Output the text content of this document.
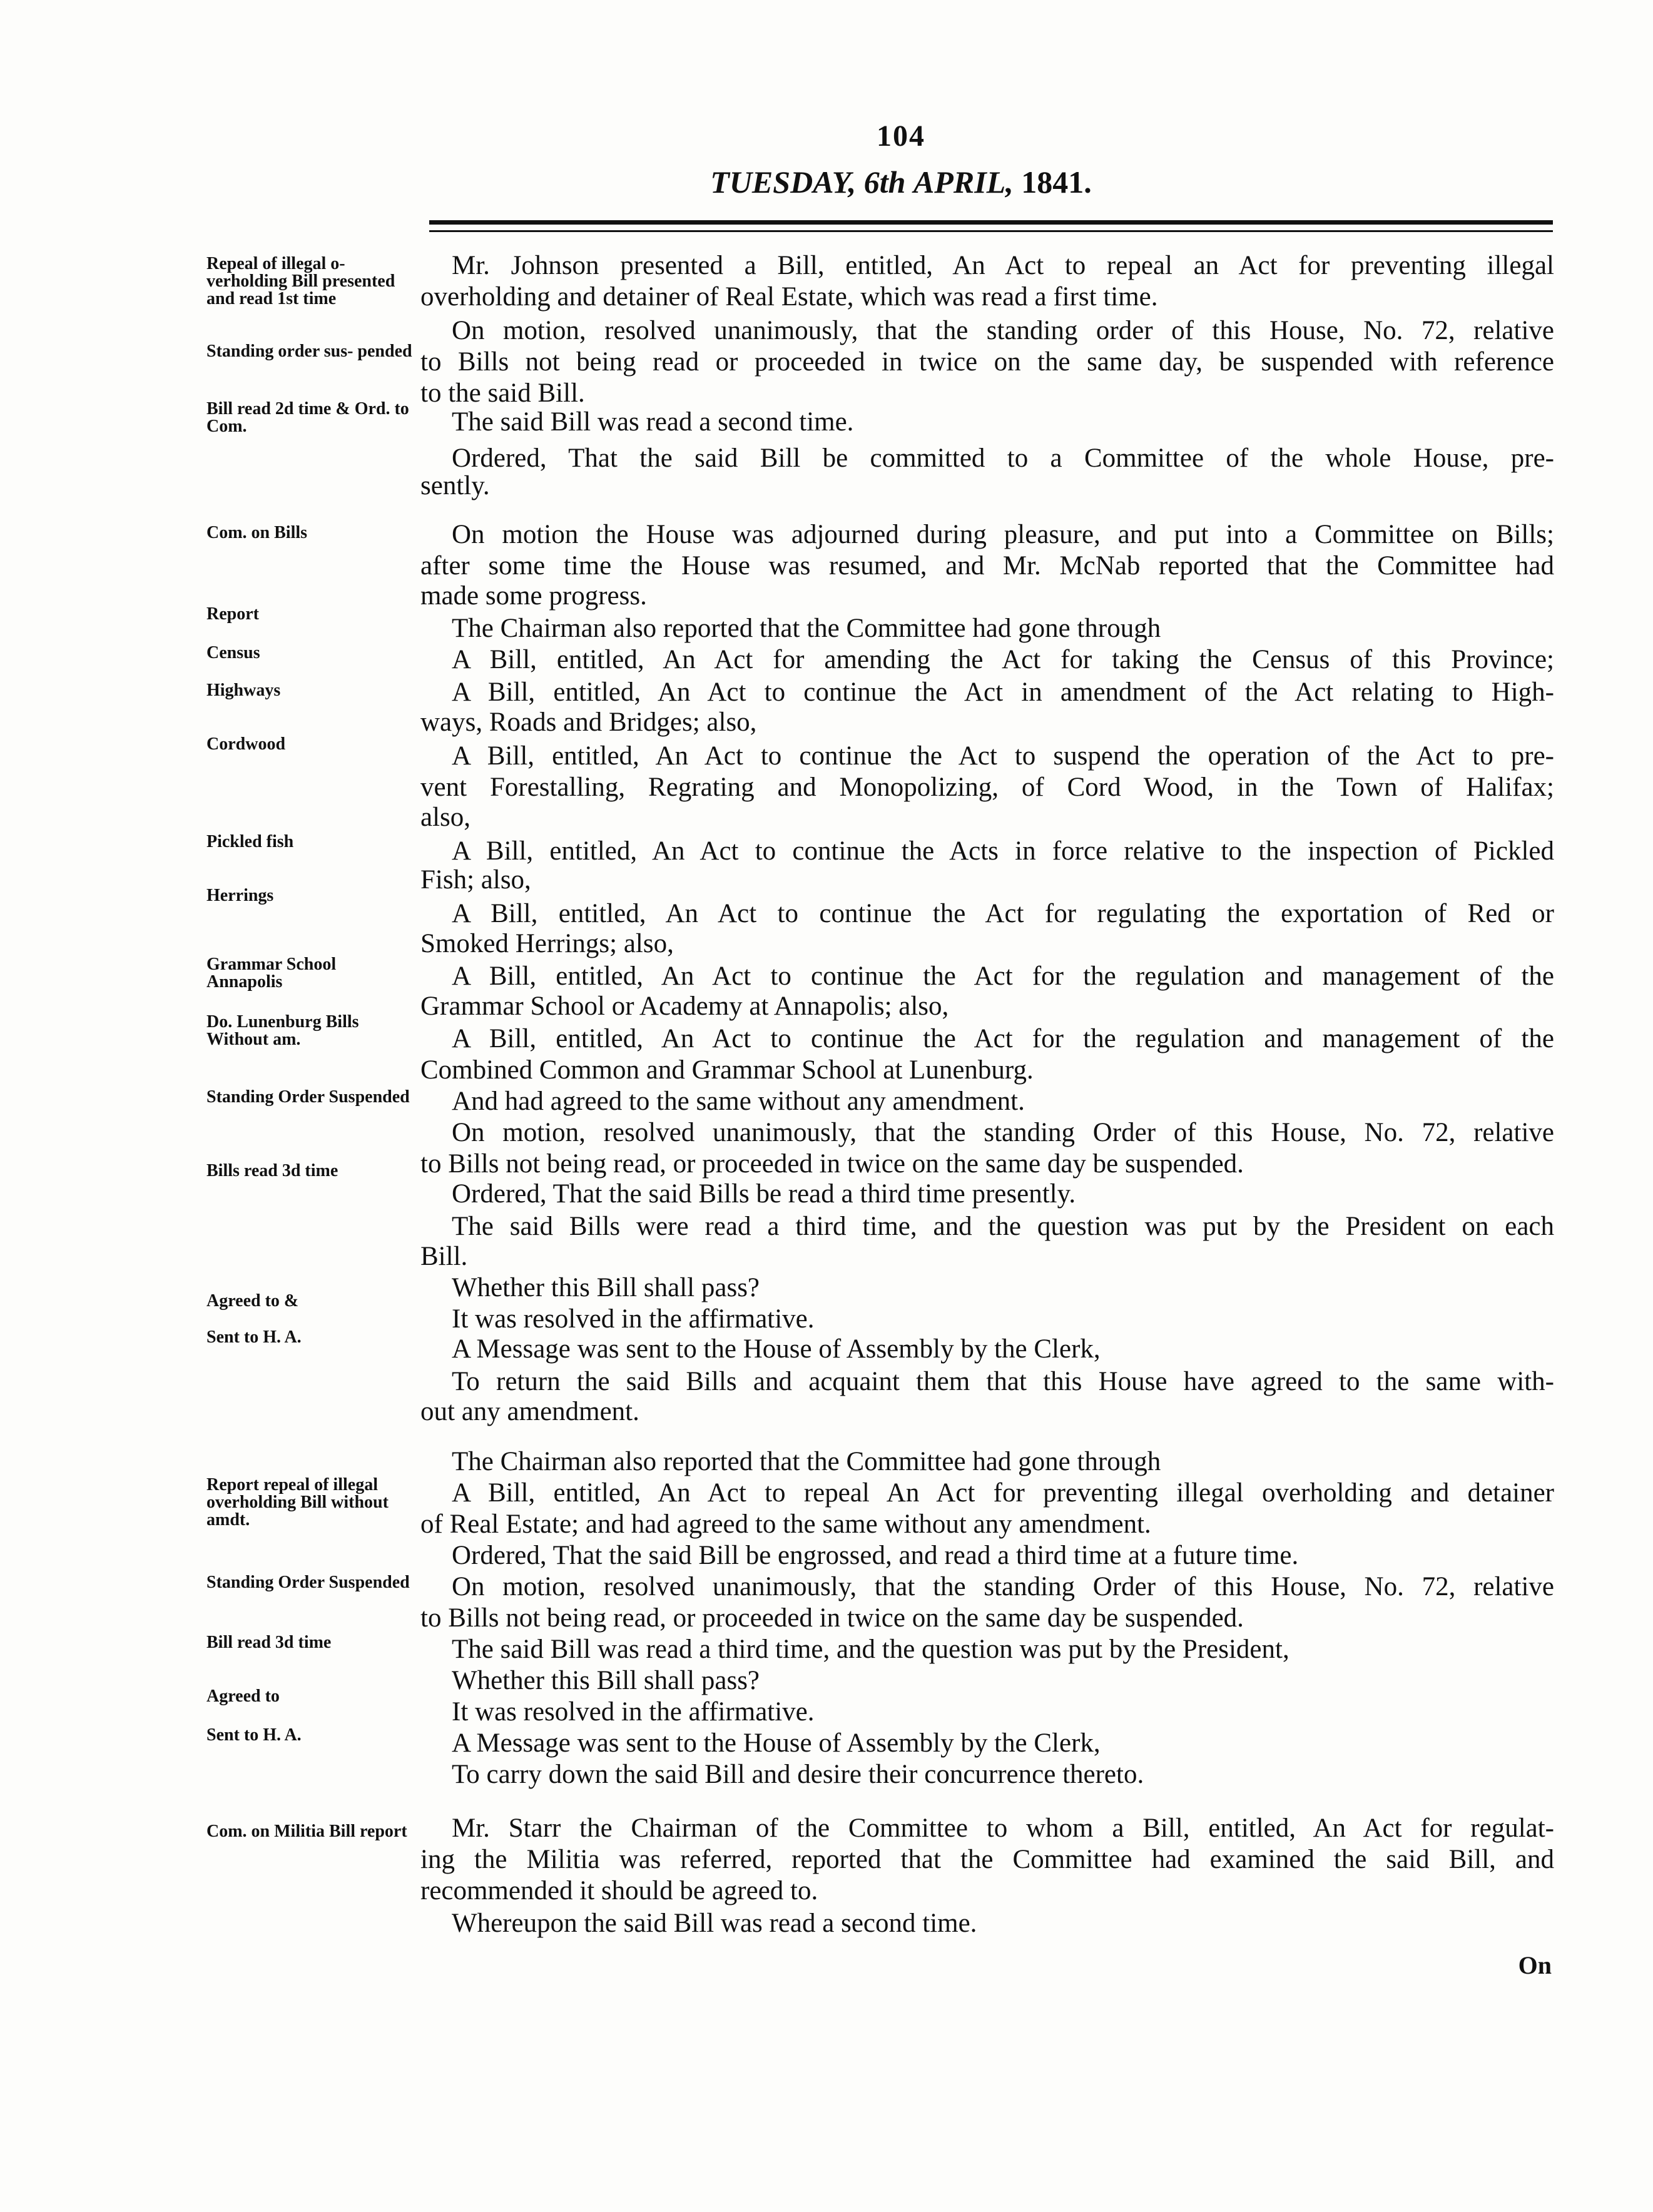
104
TUESDAY, 6th APRIL, 1841.
Repeal of illegal o- verholding Bill presented and read 1st time
Standing order sus- pended
Bill read 2d time & Ord. to Com.
Com. on Bills
Report
Census
Highways
Cordwood
Pickled fish
Herrings
Grammar School Annapolis
Do. Lunenburg Bills Without am.
Standing Order Suspended
Bills read 3d time
Agreed to &
Sent to H. A.
Report repeal of illegal overholding Bill without amdt.
Standing Order Suspended
Bill read 3d time
Agreed to
Sent to H. A.
Com. on Militia Bill report
Mr. Johnson presented a Bill, entitled, An Act to repeal an Act for preventing illegal
overholding and detainer of Real Estate, which was read a first time.
On motion, resolved unanimously, that the standing order of this House, No. 72, relative
to Bills not being read or proceeded in twice on the same day, be suspended with reference
to the said Bill.
The said Bill was read a second time.
Ordered, That the said Bill be committed to a Committee of the whole House, pre-
sently.
On motion the House was adjourned during pleasure, and put into a Committee on Bills;
after some time the House was resumed, and Mr. McNab reported that the Committee had
made some progress.
The Chairman also reported that the Committee had gone through
A Bill, entitled, An Act for amending the Act for taking the Census of this Province;
A Bill, entitled, An Act to continue the Act in amendment of the Act relating to High-
ways, Roads and Bridges; also,
A Bill, entitled, An Act to continue the Act to suspend the operation of the Act to pre-
vent Forestalling, Regrating and Monopolizing, of Cord Wood, in the Town of Halifax;
also,
A Bill, entitled, An Act to continue the Acts in force relative to the inspection of Pickled
Fish; also,
A Bill, entitled, An Act to continue the Act for regulating the exportation of Red or
Smoked Herrings; also,
A Bill, entitled, An Act to continue the Act for the regulation and management of the
Grammar School or Academy at Annapolis; also,
A Bill, entitled, An Act to continue the Act for the regulation and management of the
Combined Common and Grammar School at Lunenburg.
And had agreed to the same without any amendment.
On motion, resolved unanimously, that the standing Order of this House, No. 72, relative
to Bills not being read, or proceeded in twice on the same day be suspended.
Ordered, That the said Bills be read a third time presently.
The said Bills were read a third time, and the question was put by the President on each
Bill.
Whether this Bill shall pass?
It was resolved in the affirmative.
A Message was sent to the House of Assembly by the Clerk,
To return the said Bills and acquaint them that this House have agreed to the same with-
out any amendment.
The Chairman also reported that the Committee had gone through
A Bill, entitled, An Act to repeal An Act for preventing illegal overholding and detainer
of Real Estate; and had agreed to the same without any amendment.
Ordered, That the said Bill be engrossed, and read a third time at a future time.
On motion, resolved unanimously, that the standing Order of this House, No. 72, relative
to Bills not being read, or proceeded in twice on the same day be suspended.
The said Bill was read a third time, and the question was put by the President,
Whether this Bill shall pass?
It was resolved in the affirmative.
A Message was sent to the House of Assembly by the Clerk,
To carry down the said Bill and desire their concurrence thereto.
Mr. Starr the Chairman of the Committee to whom a Bill, entitled, An Act for regulat-
ing the Militia was referred, reported that the Committee had examined the said Bill, and
recommended it should be agreed to.
Whereupon the said Bill was read a second time.
On
